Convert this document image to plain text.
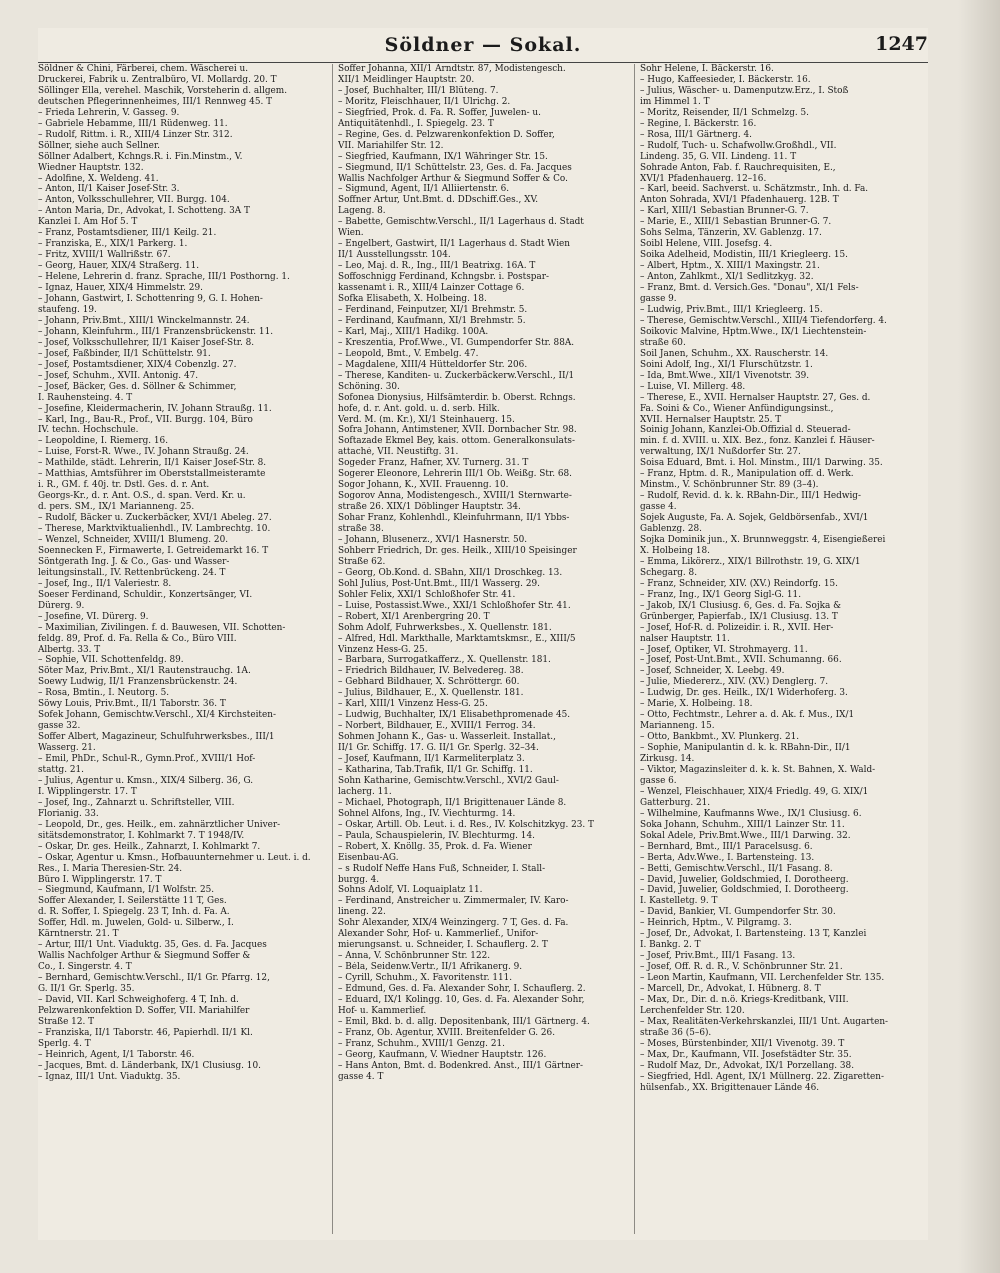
Söldner — Sokal.	1247
Söldner & Chini, Färberei, chem. Wäscherei u.
Druckerei, Fabrik u. Zentralbüro, VI. Mollardg. 20. T
Söllinger Ella, verehel. Maschik, Vorsteherin d. allgem.
deutschen Pflegerinnenheimes, III/1 Rennweg 45. T
– Frieda Lehrerin, V. Gasseg. 9.
– Gabriele Hebamme, III/1 Rüdenweg. 11.
– Rudolf, Rittm. i. R., XIII/4 Linzer Str. 312.
Söllner, siehe auch Sellner.
Söllner Adalbert, Kchngs.R. i. Fin.Minstm., V.
Wiedner Hauptstr. 132.
– Adolfine, X. Weldeng. 41.
– Anton, II/1 Kaiser Josef-Str. 3.
– Anton, Volksschullehrer, VII. Burgg. 104.
– Anton Maria, Dr., Advokat, I. Schotteng. 3A T
Kanzlei I. Am Hof 5. T
– Franz, Postamtsdiener, III/1 Keilg. 21.
– Franziska, E., XIX/1 Parkerg. 1.
– Fritz, XVIII/1 Wallrißstr. 67.
– Georg, Hauer, XIX/4 Straßerg. 11.
– Helene, Lehrerin d. franz. Sprache, III/1 Posthorng. 1.
– Ignaz, Hauer, XIX/4 Himmelstr. 29.
– Johann, Gastwirt, I. Schottenring 9, G. I. Hohen-
staufeng. 19.
– Johann, Priv.Bmt., XIII/1 Winckelmannstr. 24.
– Johann, Kleinfuhrm., III/1 Franzensbrückenstr. 11.
– Josef, Volksschullehrer, II/1 Kaiser Josef-Str. 8.
– Josef, Faßbinder, II/1 Schüttelstr. 91.
– Josef, Postamtsdiener, XIX/4 Cobenzlg. 27.
– Josef, Schuhm., XVII. Antonig. 47.
– Josef, Bäcker, Ges. d. Söllner & Schimmer,
I. Rauhensteing. 4. T
– Josefine, Kleidermacherin, IV. Johann Straußg. 11.
– Karl, Ing., Bau-R., Prof., VII. Burgg. 104, Büro
IV. techn. Hochschule.
– Leopoldine, I. Riemerg. 16.
– Luise, Forst-R. Wwe., IV. Johann Straußg. 24.
– Mathilde, städt. Lehrerin, II/1 Kaiser Josef-Str. 8.
– Matthias, Amtsführer im Oberststallmeisteramte
i. R., GM. f. 40j. tr. Dstl. Ges. d. r. Ant.
Georgs-Kr., d. r. Ant. O.S., d. span. Verd. Kr. u.
d. pers. SM., IX/1 Marianneng. 25.
– Rudolf, Bäcker u. Zuckerbäcker, XVI/1 Abeleg. 27.
– Therese, Marktviktualienhdl., IV. Lambrechtg. 10.
– Wenzel, Schneider, XVIII/1 Blumeng. 20.
Soennecken F., Firmawerte, I. Getreidemarkt 16. T
Söntgerath Ing. J. & Co., Gas- und Wasser-
leitungsinstall., IV. Rettenbrückeng. 24. T
– Josef, Ing., II/1 Valeriestr. 8.
Soeser Ferdinand, Schuldir., Konzertsänger, VI.
Dürerg. 9.
– Josefine, VI. Dürerg. 9.
– Maximilian, Zivilingen. f. d. Bauwesen, VII. Schotten-
feldg. 89, Prof. d. Fa. Rella & Co., Büro VIII.
Albertg. 33. T
– Sophie, VII. Schottenfeldg. 89.
Söter Maz, Priv.Bmt., XI/1 Rautenstrauchg. 1A.
Soewy Ludwig, II/1 Franzensbrückenstr. 24.
– Rosa, Bmtin., I. Neutorg. 5.
Söwy Louis, Priv.Bmt., II/1 Taborstr. 36. T
Sofek Johann, Gemischtw.Verschl., XI/4 Kirchsteiten-
gasse 32.
Soffer Albert, Magazineur, Schulfuhrwerksbes., III/1
Wasserg. 21.
– Emil, PhDr., Schul-R., Gymn.Prof., XVIII/1 Hof-
stattg. 21.
– Julius, Agentur u. Kmsn., XIX/4 Silberg. 36, G.
I. Wipplingerstr. 17. T
– Josef, Ing., Zahnarzt u. Schriftsteller, VIII.
Florianig. 33.
– Leopold, Dr., ges. Heilk., em. zahnärztlicher Univer-
sitätsdemonstrator, I. Kohlmarkt 7. T 1948/IV.
– Oskar, Dr. ges. Heilk., Zahnarzt, I. Kohlmarkt 7.
– Oskar, Agentur u. Kmsn., Hofbauunternehmer u. Leut. i. d.
Res., I. Maria Theresien-Str. 24.
Büro I. Wipplingerstr. 17. T
– Siegmund, Kaufmann, I/1 Wolfstr. 25.
Soffer Alexander, I. Seilerstätte 11 T, Ges.
d. R. Soffer, I. Spiegelg. 23 T, Inh. d. Fa. A.
Soffer, Hdl. m. Juwelen, Gold- u. Silberw., I.
Kärntnerstr. 21. T
– Artur, III/1 Unt. Viaduktg. 35, Ges. d. Fa. Jacques
Wallis Nachfolger Arthur & Siegmund Soffer &
Co., I. Singerstr. 4. T
– Bernhard, Gemischtw.Verschl., II/1 Gr. Pfarrg. 12,
G. II/1 Gr. Sperlg. 35.
– David, VII. Karl Schweighoferg. 4 T, Inh. d.
Pelzwarenkonfektion D. Soffer, VII. Mariahilfer
Straße 12. T
– Franziska, II/1 Taborstr. 46, Papierhdl. II/1 Kl.
Sperlg. 4. T
– Heinrich, Agent, I/1 Taborstr. 46.
– Jacques, Bmt. d. Länderbank, IX/1 Clusiusg. 10.
– Ignaz, III/1 Unt. Viaduktg. 35.
Soffer Johanna, XII/1 Arndtstr. 87, Modistengesch.
XII/1 Meidlinger Hauptstr. 20.
– Josef, Buchhalter, III/1 Blüteng. 7.
– Moritz, Fleischhauer, II/1 Ulrichg. 2.
– Siegfried, Prok. d. Fa. R. Soffer, Juwelen- u.
Antiquitätenhdl., I. Spiegelg. 23. T
– Regine, Ges. d. Pelzwarenkonfektion D. Soffer,
VII. Mariahilfer Str. 12.
– Siegfried, Kaufmann, IX/1 Währinger Str. 15.
– Siegmund, II/1 Schüttelstr. 23, Ges. d. Fa. Jacques
Wallis Nachfolger Arthur & Siegmund Soffer & Co.
– Sigmund, Agent, II/1 Alliiertenstr. 6.
Soffner Artur, Unt.Bmt. d. DDschiff.Ges., XV.
Lageng. 8.
– Babette, Gemischtw.Verschl., II/1 Lagerhaus d. Stadt
Wien.
– Engelbert, Gastwirt, II/1 Lagerhaus d. Stadt Wien
II/1 Ausstellungsstr. 104.
– Leo, Maj. d. R., Ing., III/1 Beatrixg. 16A. T
Soffoschnigg Ferdinand, Kchngsbr. i. Postspar-
kassenamt i. R., XIII/4 Lainzer Cottage 6.
Sofka Elisabeth, X. Holbeing. 18.
– Ferdinand, Feinputzer, XI/1 Brehmstr. 5.
– Ferdinand, Kaufmann, XI/1 Brehmstr. 5.
– Karl, Maj., XIII/1 Hadikg. 100A.
– Kreszentia, Prof.Wwe., VI. Gumpendorfer Str. 88A.
– Leopold, Bmt., V. Embelg. 47.
– Magdalene, XIII/4 Hütteldorfer Str. 206.
– Therese, Kanditen- u. Zuckerbäckerw.Verschl., II/1
Schöning. 30.
Sofonea Dionysius, Hilfsämterdir. b. Oberst. Rchngs.
hofe, d. r. Ant. gold. u. d. serb. Hilk.
Verd. M. (m. Kr.), XI/1 Steinhauerg. 15.
Sofra Johann, Antimstener, XVII. Dornbacher Str. 98.
Softazade Ekmel Bey, kais. ottom. Generalkonsulats-
attaché, VII. Neustiftg. 31.
Sogeder Franz, Hafner, XV. Turnerg. 31. T
Sogerer Eleonore, Lehrerin III/1 Ob. Weißg. Str. 68.
Sogor Johann, K., XVII. Frauenng. 10.
Sogorov Anna, Modistengesch., XVIII/1 Sternwarte-
straße 26. XIX/1 Döblinger Hauptstr. 34.
Sohar Franz, Kohlenhdl., Kleinfuhrmann, II/1 Ybbs-
straße 38.
– Johann, Blusenerz., XVI/1 Hasnerstr. 50.
Sohberr Friedrich, Dr. ges. Heilk., XIII/10 Speisinger
Straße 62.
– Georg, Ob.Kond. d. SBahn, XII/1 Droschkeg. 13.
Sohl Julius, Post-Unt.Bmt., III/1 Wasserg. 29.
Sohler Felix, XXI/1 Schloßhofer Str. 41.
– Luise, Postassist.Wwe., XXI/1 Schloßhofer Str. 41.
– Robert, XI/1 Arenbergring 20. T
Sohm Adolf, Fuhrwerksbes., X. Quellenstr. 181.
– Alfred, Hdl. Markthalle, Marktamtskmsr., E., XIII/5
Vinzenz Hess-G. 25.
– Barbara, Surrogatkafferz., X. Quellenstr. 181.
– Friedrich Bildhauer, IV. Belvedereg. 38.
– Gebhard Bildhauer, X. Schröttergr. 60.
– Julius, Bildhauer, E., X. Quellenstr. 181.
– Karl, XIII/1 Vinzenz Hess-G. 25.
– Ludwig, Buchhalter, IX/1 Elisabethpromenade 45.
– Norbert, Bildhauer, E., XVIII/1 Ferrog. 34.
Sohmen Johann K., Gas- u. Wasserleit. Installat.,
II/1 Gr. Schiffg. 17. G. II/1 Gr. Sperlg. 32–34.
– Josef, Kaufmann, II/1 Karmeliterplatz 3.
– Katharina, Tab.Trafik, II/1 Gr. Schiffg. 11.
Sohn Katharine, Gemischtw.Verschl., XVI/2 Gaul-
lacherg. 11.
– Michael, Photograph, II/1 Brigittenauer Lände 8.
Sohnel Alfons, Ing., IV. Viechturmg. 14.
– Oskar, Artill. Ob. Leut. i. d. Res., IV. Kolschitzkyg. 23. T
– Paula, Schauspielerin, IV. Blechturmg. 14.
– Robert, X. Knöllg. 35, Prok. d. Fa. Wiener
Eisenbau-AG.
– s Rudolf Neffe Hans Fuß, Schneider, I. Stall-
burgg. 4.
Sohns Adolf, VI. Loquaiplatz 11.
– Ferdinand, Anstreicher u. Zimmermaler, IV. Karo-
lineng. 22.
Sohr Alexander, XIX/4 Weinzingerg. 7 T, Ges. d. Fa.
Alexander Sohr, Hof- u. Kammerlief., Unifor-
mierungsanst. u. Schneider, I. Schauflerg. 2. T
– Anna, V. Schönbrunner Str. 122.
– Béla, Seidenw.Vertr., II/1 Afrikanerg. 9.
– Cyrill, Schuhm., X. Favoritenstr. 111.
– Edmund, Ges. d. Fa. Alexander Sohr, I. Schauflerg. 2.
– Eduard, IX/1 Kolingg. 10, Ges. d. Fa. Alexander Sohr,
Hof- u. Kammerlief.
– Emil, Bkd. b. d. allg. Depositenbank, III/1 Gärtnerg. 4.
– Franz, Ob. Agentur, XVIII. Breitenfelder G. 26.
– Franz, Schuhm., XVIII/1 Genzg. 21.
– Georg, Kaufmann, V. Wiedner Hauptstr. 126.
– Hans Anton, Bmt. d. Bodenkred. Anst., III/1 Gärtner-
gasse 4. T
Sohr Helene, I. Bäckerstr. 16.
– Hugo, Kaffeesieder, I. Bäckerstr. 16.
– Julius, Wäscher- u. Damenputzw.Erz., I. Stoß
im Himmel 1. T
– Moritz, Reisender, II/1 Schmelzg. 5.
– Regine, I. Bäckerstr. 16.
– Rosa, III/1 Gärtnerg. 4.
– Rudolf, Tuch- u. Schafwollw.Großhdl., VII.
Lindeng. 35, G. VII. Lindeng. 11. T
Sohrade Anton, Fab. f. Rauchrequisiten, E.,
XVI/1 Pfadenhauerg. 12–16.
– Karl, beeid. Sachverst. u. Schätzmstr., Inh. d. Fa.
Anton Sohrada, XVI/1 Pfadenhauerg. 12B. T
– Karl, XIII/1 Sebastian Brunner-G. 7.
– Marie, E., XIII/1 Sebastian Brunner-G. 7.
Sohs Selma, Tänzerin, XV. Gablenzg. 17.
Soibl Helene, VIII. Josefsg. 4.
Soika Adelheid, Modistin, III/1 Kriegleerg. 15.
– Albert, Hptm., X. XIII/1 Maxingstr. 21.
– Anton, Zahlkmt., XI/1 Sedlitzkyg. 32.
– Franz, Bmt. d. Versich.Ges. "Donau", XI/1 Fels-
gasse 9.
– Ludwig, Priv.Bmt., III/1 Kriegleerg. 15.
– Therese, Gemischtw.Verschl., XIII/4 Tiefendorferg. 4.
Soikovic Malvine, Hptm.Wwe., IX/1 Liechtenstein-
straße 60.
Soil Janen, Schuhm., XX. Rauscherstr. 14.
Soini Adolf, Ing., XI/1 Flurschützstr. 1.
– Ida, Bmt.Wwe., XII/1 Vivenotstr. 39.
– Luise, VI. Millerg. 48.
– Therese, E., XVII. Hernalser Hauptstr. 27, Ges. d.
Fa. Soini & Co., Wiener Anfündigungsinst.,
XVII. Hernalser Hauptstr. 25. T
Soinig Johann, Kanzlei-Ob.Offizial d. Steuerad-
min. f. d. XVIII. u. XIX. Bez., fonz. Kanzlei f. Häuser-
verwaltung, IX/1 Nußdorfer Str. 27.
Soisa Eduard, Bmt. i. Hol. Minstm., III/1 Darwing. 35.
– Franz, Hptm. d. R., Manipulation off. d. Werk.
Minstm., V. Schönbrunner Str. 89 (3–4).
– Rudolf, Revid. d. k. k. RBahn-Dir., III/1 Hedwig-
gasse 4.
Sojek Auguste, Fa. A. Sojek, Geldbörsenfab., XVI/1
Gablenzg. 28.
Sojka Dominik jun., X. Brunnweggstr. 4, Eisengießerei
X. Holbeing 18.
– Emma, Likörerz., XIX/1 Billrothstr. 19, G. XIX/1
Schegarg. 8.
– Franz, Schneider, XIV. (XV.) Reindorfg. 15.
– Franz, Ing., IX/1 Georg Sigl-G. 11.
– Jakob, IX/1 Clusiusg. 6, Ges. d. Fa. Sojka &
Grünberger, Papierfab., IX/1 Clusiusg. 13. T
– Josef, Hof-R. d. Polizeidir. i. R., XVII. Her-
nalser Hauptstr. 11.
– Josef, Optiker, VI. Strohmayerg. 11.
– Josef, Post-Unt.Bmt., XVII. Schumanng. 66.
– Josef, Schneider, X. Leebg. 49.
– Julie, Miedererz., XIV. (XV.) Denglerg. 7.
– Ludwig, Dr. ges. Heilk., IX/1 Widerhoferg. 3.
– Marie, X. Holbeing. 18.
– Otto, Fechtmstr., Lehrer a. d. Ak. f. Mus., IX/1
Marianneng. 15.
– Otto, Bankbmt., XV. Plunkerg. 21.
– Sophie, Manipulantin d. k. k. RBahn-Dir., II/1
Zirkusg. 14.
– Viktor, Magazinsleiter d. k. k. St. Bahnen, X. Wald-
gasse 6.
– Wenzel, Fleischhauer, XIX/4 Friedlg. 49, G. XIX/1
Gatterburg. 21.
– Wilhelmine, Kaufmanns Wwe., IX/1 Clusiusg. 6.
Soka Johann, Schuhm., XIII/1 Lainzer Str. 11.
Sokal Adele, Priv.Bmt.Wwe., III/1 Darwing. 32.
– Bernhard, Bmt., III/1 Paracelsusg. 6.
– Berta, Adv.Wwe., I. Bartensteing. 13.
– Betti, Gemischtw.Verschl., II/1 Fasang. 8.
– David, Juwelier, Goldschmied, I. Dorotheerg.
– David, Juwelier, Goldschmied, I. Dorotheerg.
I. Kastelletg. 9. T
– David, Bankier, VI. Gumpendorfer Str. 30.
– Heinrich, Hptm., V. Pilgramg. 3.
– Josef, Dr., Advokat, I. Bartensteing. 13 T, Kanzlei
I. Bankg. 2. T
– Josef, Priv.Bmt., III/1 Fasang. 13.
– Josef, Off. R. d. R., V. Schönbrunner Str. 21.
– Leon Martin, Kaufmann, VII. Lerchenfelder Str. 135.
– Marcell, Dr., Advokat, I. Hübnerg. 8. T
– Max, Dr., Dir. d. n.ö. Kriegs-Kreditbank, VIII.
Lerchenfelder Str. 120.
– Max, Realitäten-Verkehrskanzlei, III/1 Unt. Augarten-
straße 36 (5–6).
– Moses, Bürstenbinder, XII/1 Vivenotg. 39. T
– Max, Dr., Kaufmann, VII. Josefstädter Str. 35.
– Rudolf Maz, Dr., Advokat, IX/1 Porzellang. 38.
– Siegfried, Hdl. Agent, IX/1 Müllnerg. 22. Zigaretten-
hülsenfab., XX. Brigittenauer Lände 46.
